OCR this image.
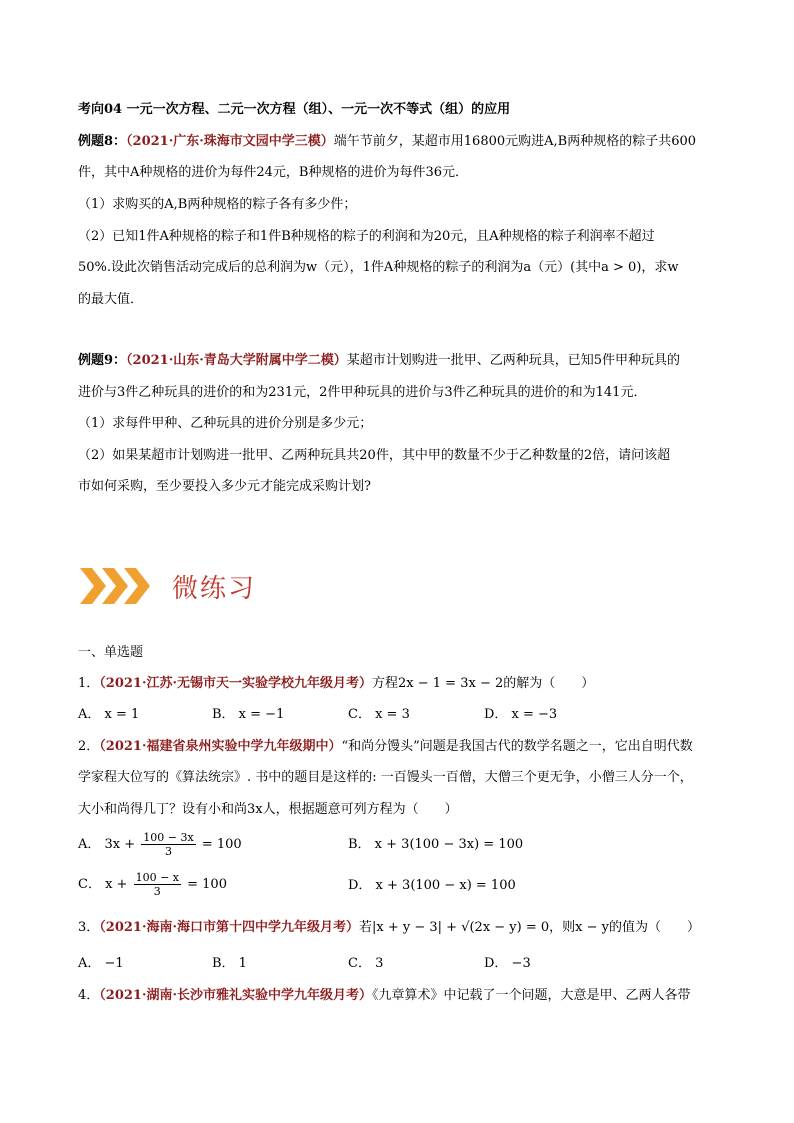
考向04 一元一次方程、二元一次方程（组）、一元一次不等式（组）的应用
例题8：（2021·广东·珠海市文园中学三模）端午节前夕，某超市用16800元购进A,B两种规格的粽子共600
件，其中A种规格的进价为每件24元，B种规格的进价为每件36元．
（1）求购买的A,B两种规格的粽子各有多少件；
（2）已知1件A种规格的粽子和1件B种规格的粽子的利润和为20元，且A种规格的粽子利润率不超过
50%.设此次销售活动完成后的总利润为w（元），1件A种规格的粽子的利润为a（元）(其中a > 0)，求w
的最大值．
例题9：（2021·山东·青岛大学附属中学二模）某超市计划购进一批甲、乙两种玩具，已知5件甲种玩具的
进价与3件乙种玩具的进价的和为231元，2件甲种玩具的进价与3件乙种玩具的进价的和为141元．
（1）求每件甲种、乙种玩具的进价分别是多少元；
（2）如果某超市计划购进一批甲、乙两种玩具共20件，其中甲的数量不少于乙种数量的2倍，请问该超
市如何采购，至少要投入多少元才能完成采购计划?
微练习
一、单选题
1．（2021·江苏·无锡市天一实验学校九年级月考）方程2x − 1 = 3x − 2的解为（　　）
A． x = 1	B． x = −1	C． x = 3	D． x = −3
2．（2021·福建省泉州实验中学九年级期中）“和尚分馒头”问题是我国古代的数学名题之一，它出自明代数
学家程大位写的《算法统宗》. 书中的题目是这样的: 一百馒头一百僧，大僧三个更无争，小僧三人分一个，
大小和尚得几丁？设有小和尚3x人，根据题意可列方程为（　　）
A． $3x + \frac{100 - 3x}{3} = 100$	B． x + 3(100 − 3x) = 100
C． $x + \frac{100 - x}{3} = 100$	D． x + 3(100 − x) = 100
3．（2021·海南·海口市第十四中学九年级月考）若|x + y − 3| + √(2x − y) = 0，则x − y的值为（　　）
A． −1	B． 1	C． 3	D． −3
4．（2021·湖南·长沙市雅礼实验中学九年级月考）《九章算术》中记载了一个问题，大意是甲、乙两人各带
